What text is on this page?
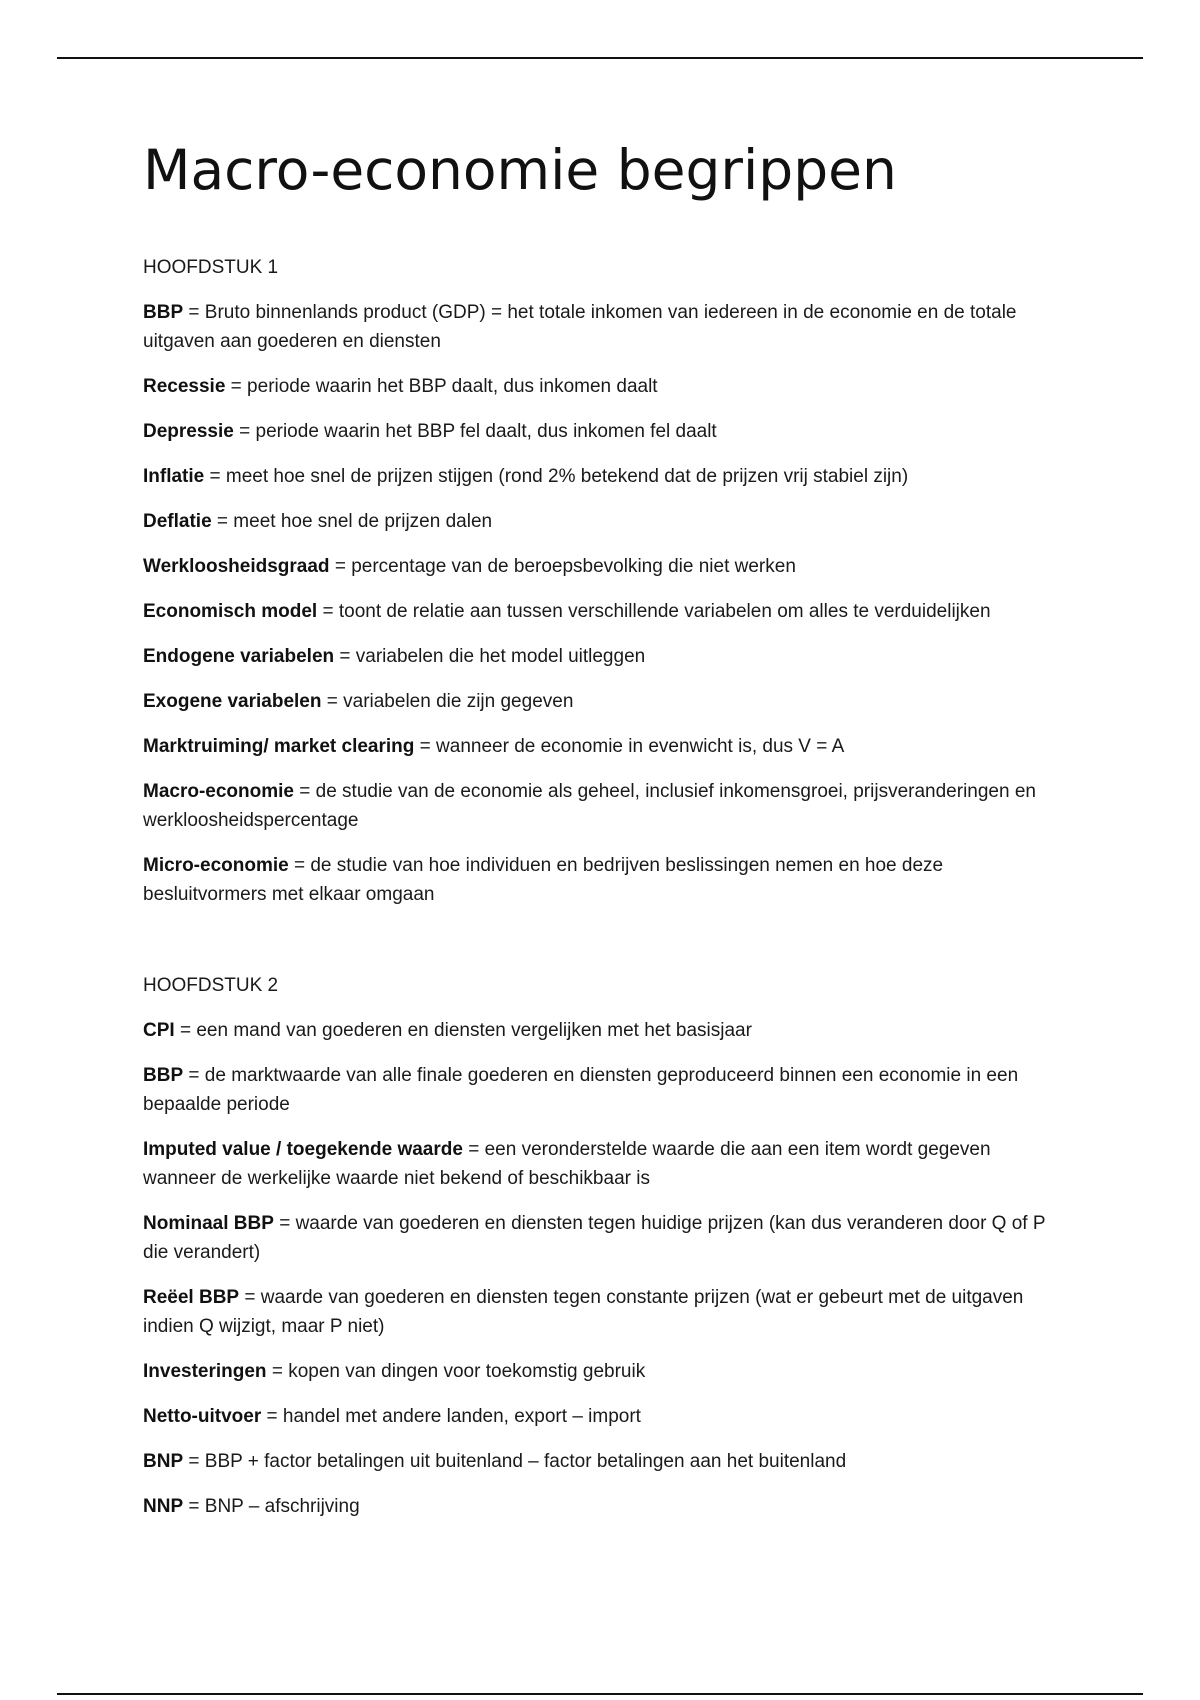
Macro-economie begrippen

HOOFDSTUK 1

BBP = Bruto binnenlands product (GDP) = het totale inkomen van iedereen in de economie en de totale uitgaven aan goederen en diensten

Recessie = periode waarin het BBP daalt, dus inkomen daalt

Depressie = periode waarin het BBP fel daalt, dus inkomen fel daalt

Inflatie = meet hoe snel de prijzen stijgen (rond 2% betekend dat de prijzen vrij stabiel zijn)

Deflatie = meet hoe snel de prijzen dalen

Werkloosheidsgraad = percentage van de beroepsbevolking die niet werken

Economisch model = toont de relatie aan tussen verschillende variabelen om alles te verduidelijken

Endogene variabelen = variabelen die het model uitleggen

Exogene variabelen = variabelen die zijn gegeven

Marktruiming/ market clearing = wanneer de economie in evenwicht is, dus V = A

Macro-economie = de studie van de economie als geheel, inclusief inkomensgroei, prijsveranderingen en werkloosheidspercentage

Micro-economie = de studie van hoe individuen en bedrijven beslissingen nemen en hoe deze besluitvormers met elkaar omgaan

HOOFDSTUK 2

CPI = een mand van goederen en diensten vergelijken met het basisjaar

BBP = de marktwaarde van alle finale goederen en diensten geproduceerd binnen een economie in een bepaalde periode

Imputed value / toegekende waarde = een veronderstelde waarde die aan een item wordt gegeven wanneer de werkelijke waarde niet bekend of beschikbaar is

Nominaal BBP = waarde van goederen en diensten tegen huidige prijzen (kan dus veranderen door Q of P die verandert)

Reëel BBP = waarde van goederen en diensten tegen constante prijzen (wat er gebeurt met de uitgaven indien Q wijzigt, maar P niet)

Investeringen = kopen van dingen voor toekomstig gebruik

Netto-uitvoer = handel met andere landen, export – import

BNP = BBP + factor betalingen uit buitenland – factor betalingen aan het buitenland

NNP = BNP – afschrijving
